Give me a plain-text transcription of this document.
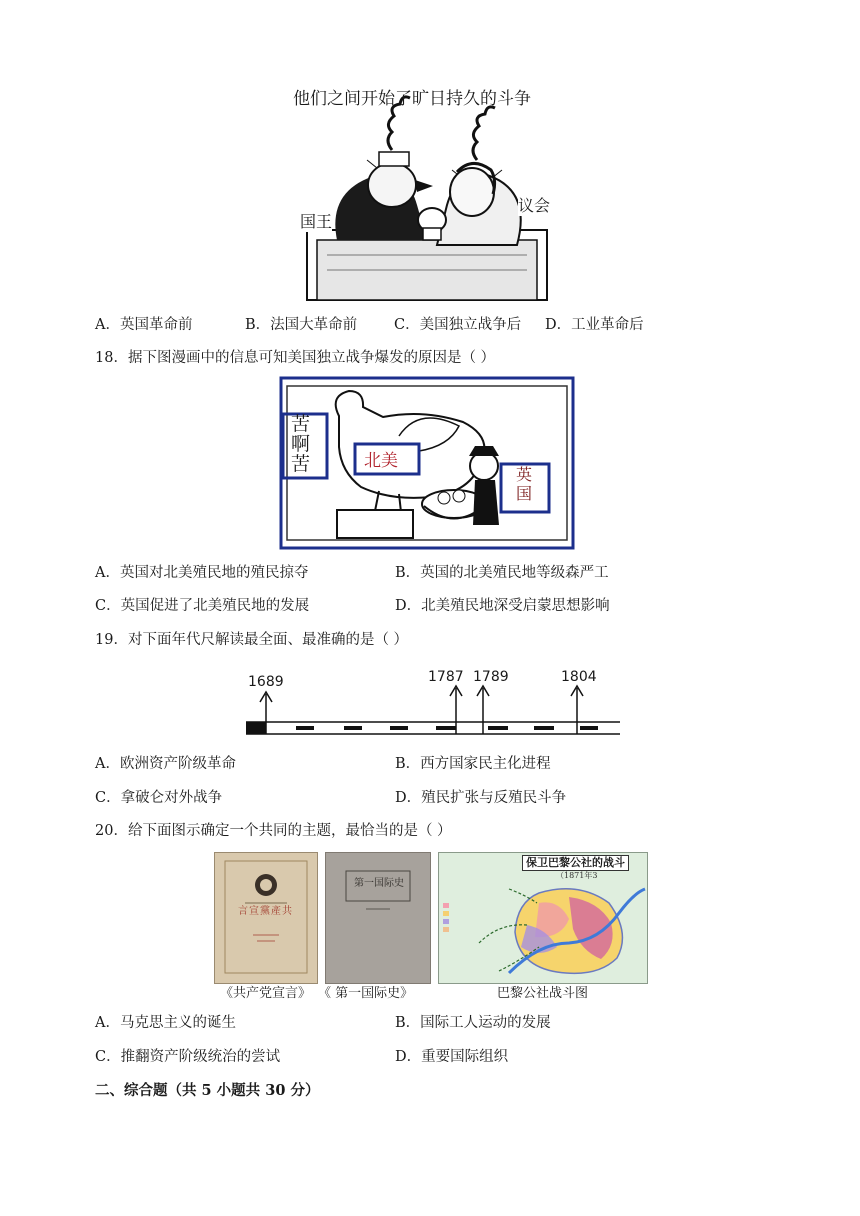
他们之间开始了旷日持久的斗争
国王
议会
A．英国革命前	B．法国大革命前	C．美国独立战争后 D．工业革命后
18．据下图漫画中的信息可知美国独立战争爆发的原因是（ ）
苦
啊
苦	北美
英
国
A．英国对北美殖民地的殖民掠夺	B．英国的北美殖民地等级森严工
C．英国促进了北美殖民地的发展	D．北美殖民地深受启蒙思想影响
19．对下面年代尺解读最全面、最准确的是（ ）
1689	1787 1789	1804
A．欧洲资产阶级革命	B．西方国家民主化进程
C．拿破仑对外战争	D．殖民扩张与反殖民斗争
20．给下面图示确定一个共同的主题，最恰当的是（ ）
言宣黨產共
第一国际史
保卫巴黎公社的战斗
（1871年3
《共产党宣言》 《 第一国际史》	巴黎公社战斗图
A．马克思主义的诞生	B．国际工人运动的发展
C．推翻资产阶级统治的尝试	D．重要国际组织
二、综合题（共 5 小题共 30 分）
